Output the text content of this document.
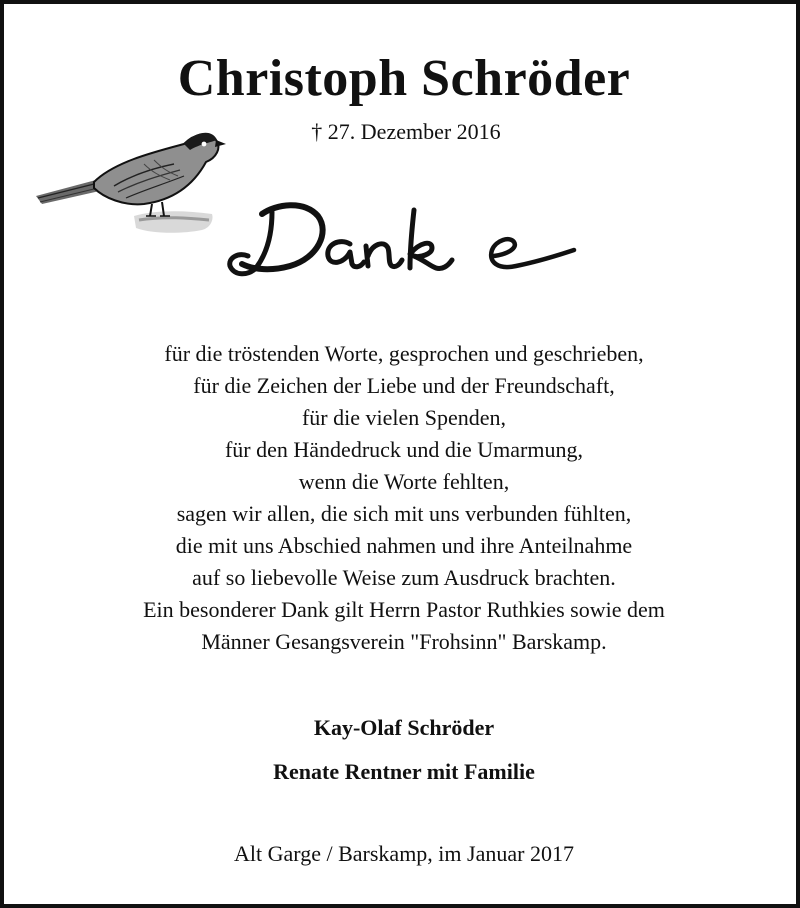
Christoph Schröder
† 27. Dezember 2016
für die tröstenden Worte, gesprochen und geschrieben,
für die Zeichen der Liebe und der Freundschaft,
für die vielen Spenden,
für den Händedruck und die Umarmung,
wenn die Worte fehlten,
sagen wir allen, die sich mit uns verbunden fühlten,
die mit uns Abschied nahmen und ihre Anteilnahme
auf so liebevolle Weise zum Ausdruck brachten.
Ein besonderer Dank gilt Herrn Pastor Ruthkies sowie dem
Männer Gesangsverein "Frohsinn" Barskamp.
Kay-Olaf Schröder
Renate Rentner mit Familie
Alt Garge / Barskamp, im Januar 2017
